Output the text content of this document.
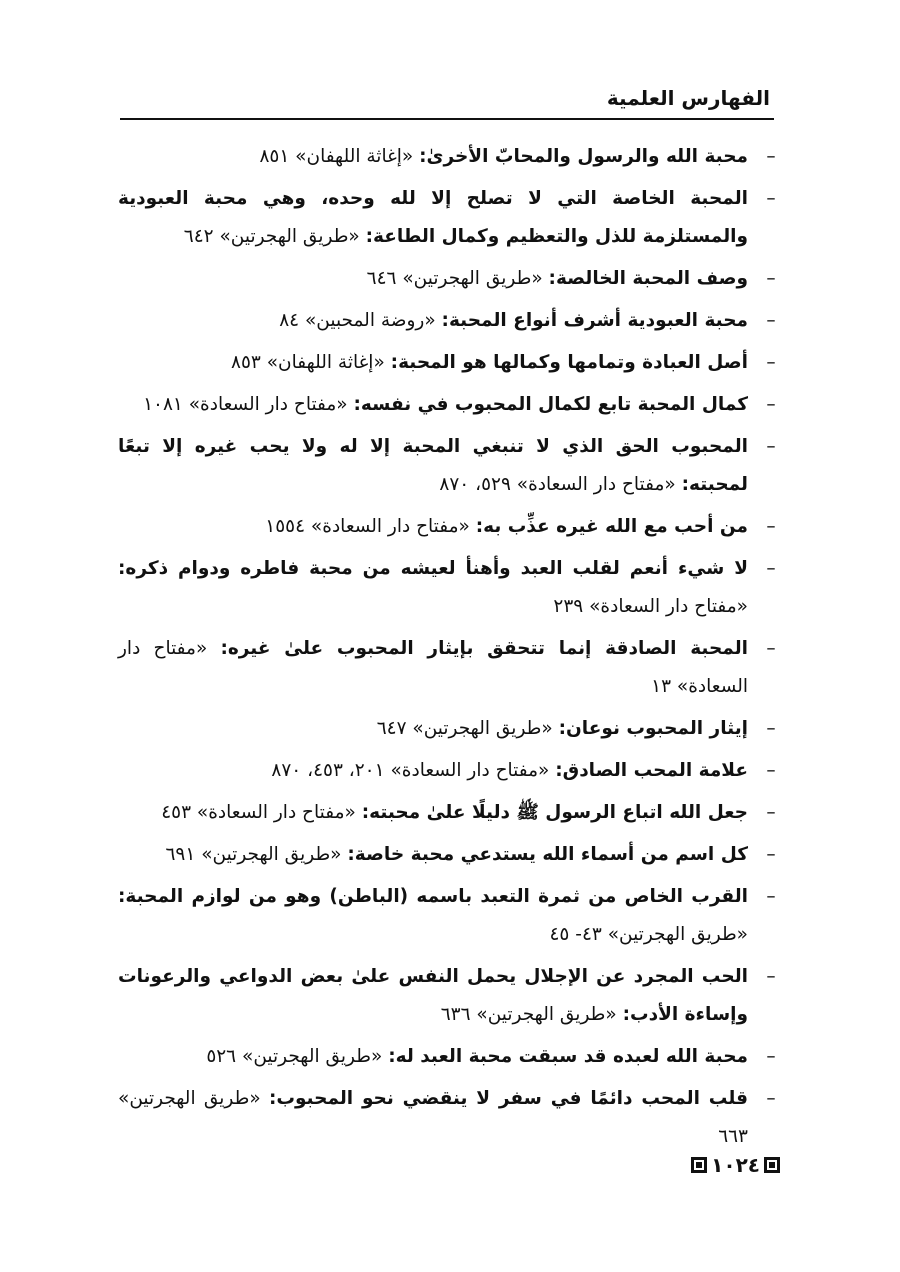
الفهارس العلمية
–
محبة الله والرسول والمحابّ الأخرىٰ: «إغاثة اللهفان» ٨٥١
–
المحبة الخاصة التي لا تصلح إلا لله وحده، وهي محبة العبودية والمستلزمة للذل والتعظيم وكمال الطاعة: «طريق الهجرتين» ٦٤٢
–
وصف المحبة الخالصة: «طريق الهجرتين» ٦٤٦
–
محبة العبودية أشرف أنواع المحبة: «روضة المحبين» ٨٤
–
أصل العبادة وتمامها وكمالها هو المحبة: «إغاثة اللهفان» ٨٥٣
–
كمال المحبة تابع لكمال المحبوب في نفسه: «مفتاح دار السعادة» ١٠٨١
–
المحبوب الحق الذي لا تنبغي المحبة إلا له ولا يحب غيره إلا تبعًا لمحبته: «مفتاح دار السعادة» ٥٢٩، ٨٧٠
–
من أحب مع الله غيره عذِّب به: «مفتاح دار السعادة» ١٥٥٤
–
لا شيء أنعم لقلب العبد وأهنأ لعيشه من محبة فاطره ودوام ذكره: «مفتاح دار السعادة» ٢٣٩
–
المحبة الصادقة إنما تتحقق بإيثار المحبوب علىٰ غيره: «مفتاح دار السعادة» ١٣
–
إيثار المحبوب نوعان: «طريق الهجرتين» ٦٤٧
–
علامة المحب الصادق: «مفتاح دار السعادة» ٢٠١، ٤٥٣، ٨٧٠
–
جعل الله اتباع الرسول ﷺ دليلًا علىٰ محبته: «مفتاح دار السعادة» ٤٥٣
–
كل اسم من أسماء الله يستدعي محبة خاصة: «طريق الهجرتين» ٦٩١
–
القرب الخاص من ثمرة التعبد باسمه (الباطن) وهو من لوازم المحبة: «طريق الهجرتين» ٤٣- ٤٥
–
الحب المجرد عن الإجلال يحمل النفس علىٰ بعض الدواعي والرعونات وإساءة الأدب: «طريق الهجرتين» ٦٣٦
–
محبة الله لعبده قد سبقت محبة العبد له: «طريق الهجرتين» ٥٢٦
–
قلب المحب دائمًا في سفر لا ينقضي نحو المحبوب: «طريق الهجرتين» ٦٦٣
١٠٢٤
